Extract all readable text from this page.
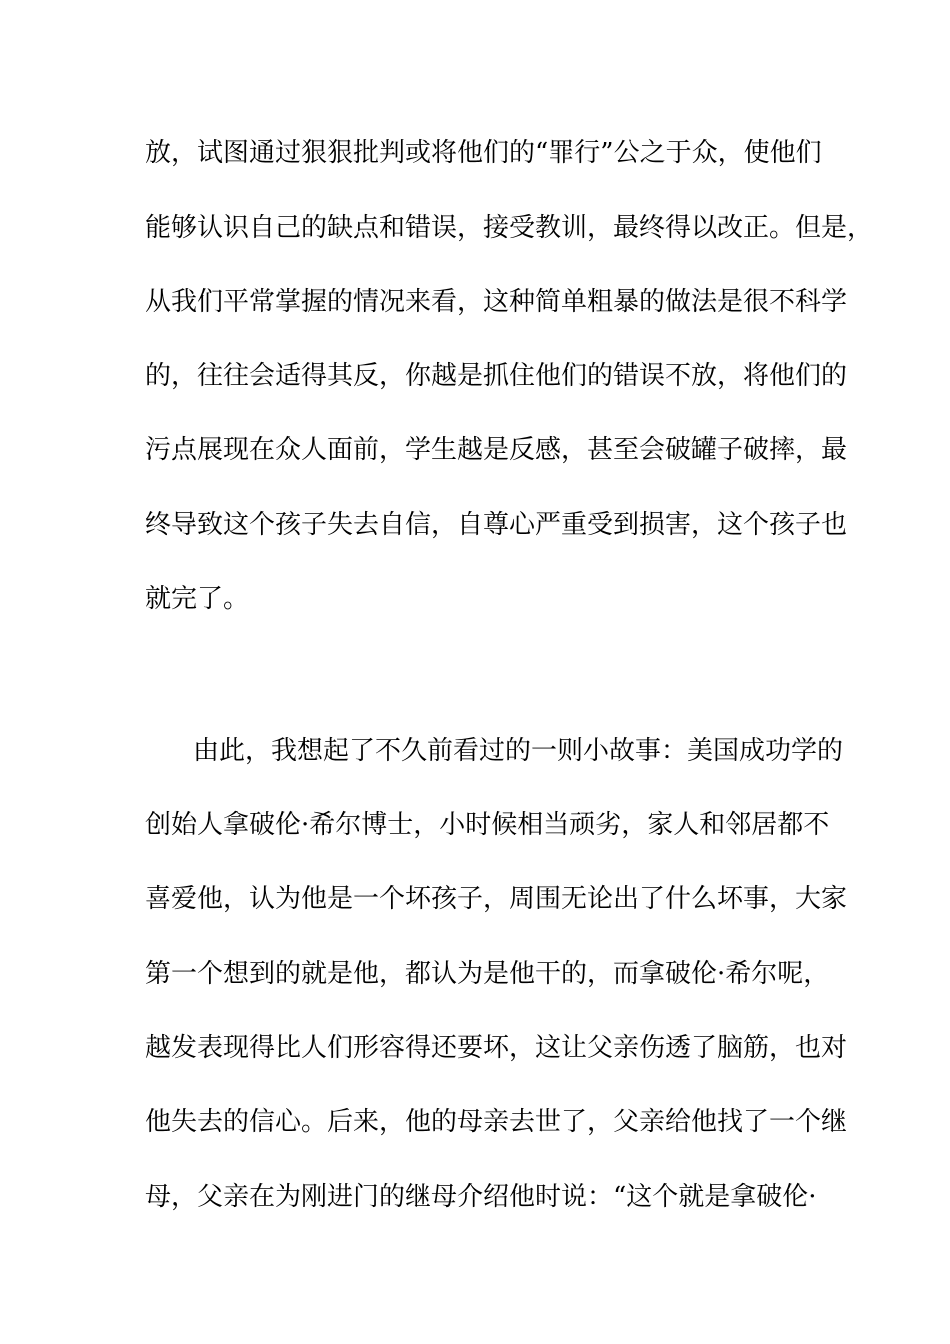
放，试图通过狠狠批判或将他们的“罪行”公之于众，使他们
能够认识自己的缺点和错误，接受教训，最终得以改正。但是，
从我们平常掌握的情况来看，这种简单粗暴的做法是很不科学
的，往往会适得其反，你越是抓住他们的错误不放，将他们的
污点展现在众人面前，学生越是反感，甚至会破罐子破摔，最
终导致这个孩子失去自信，自尊心严重受到损害，这个孩子也
就完了。
由此，我想起了不久前看过的一则小故事：美国成功学的
创始人拿破伦·希尔博士，小时候相当顽劣，家人和邻居都不
喜爱他，认为他是一个坏孩子，周围无论出了什么坏事，大家
第一个想到的就是他，都认为是他干的，而拿破伦·希尔呢，
越发表现得比人们形容得还要坏，这让父亲伤透了脑筋，也对
他失去的信心。后来，他的母亲去世了，父亲给他找了一个继
母，父亲在为刚进门的继母介绍他时说：“这个就是拿破伦·
